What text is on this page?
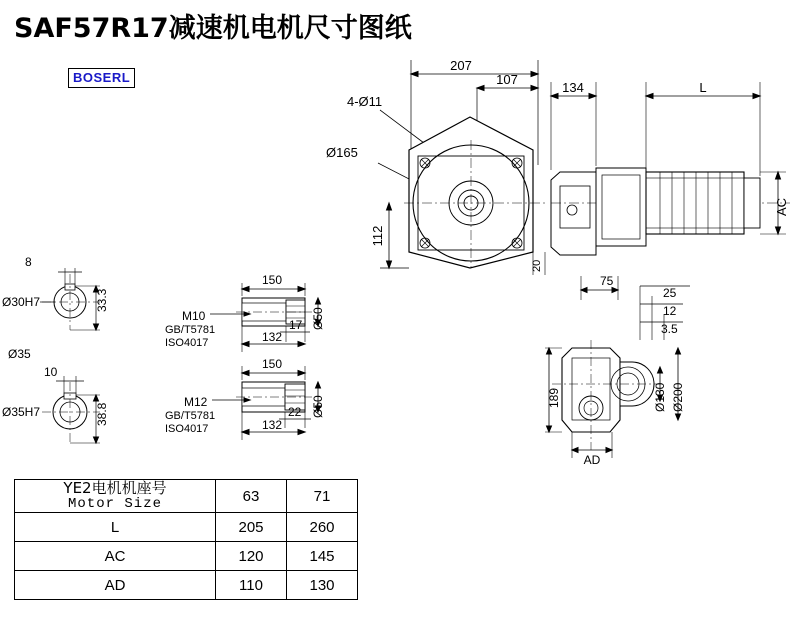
SAF57R17减速机电机尺寸图纸
BOSERL
207
107
4-Ø11
Ø165
112
20
134	L
AC
8
Ø30H7	33.3
Ø35
10
Ø35H7	38.8
150
M10
GB/T5781
ISO4017
17
132
Ø50
150
M12
GB/T5781
ISO4017
22
132
Ø50
75
25
12
3.5
189	Ø130 Ø200
AD
YE2电机机座号
Motor Size	63	71
L	205	260
AC	120	145
AD	110	130
